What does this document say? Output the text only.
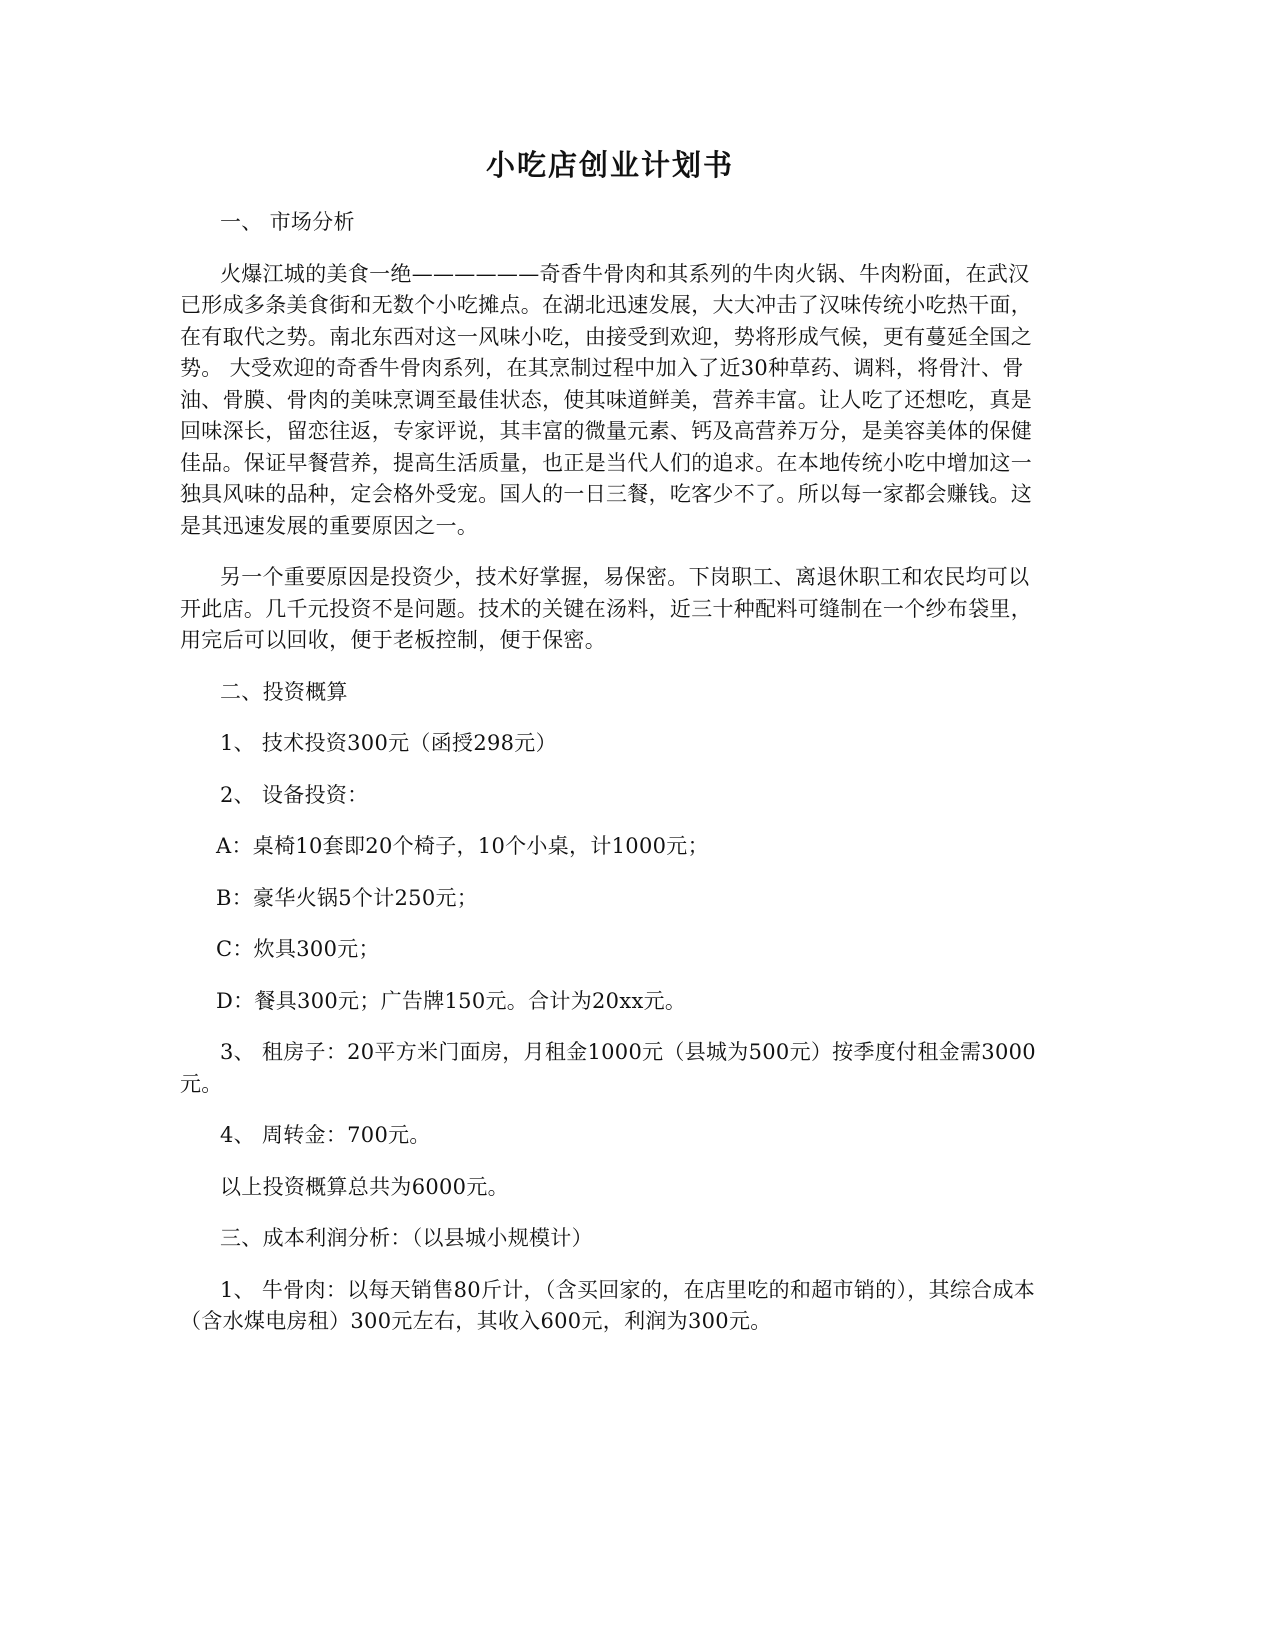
小吃店创业计划书

一、 市场分析

火爆江城的美食一绝——————奇香牛骨肉和其系列的牛肉火锅、牛肉粉面，在武汉已形成多条美食街和无数个小吃摊点。在湖北迅速发展，大大冲击了汉味传统小吃热干面，在有取代之势。南北东西对这一风味小吃，由接受到欢迎，势将形成气候，更有蔓延全国之势。 大受欢迎的奇香牛骨肉系列，在其烹制过程中加入了近30种草药、调料，将骨汁、骨油、骨膜、骨肉的美味烹调至最佳状态，使其味道鲜美，营养丰富。让人吃了还想吃，真是回味深长，留恋往返，专家评说，其丰富的微量元素、钙及高营养万分，是美容美体的保健佳品。保证早餐营养，提高生活质量，也正是当代人们的追求。在本地传统小吃中增加这一独具风味的品种，定会格外受宠。国人的一日三餐，吃客少不了。所以每一家都会赚钱。这是其迅速发展的重要原因之一。

另一个重要原因是投资少，技术好掌握，易保密。下岗职工、离退休职工和农民均可以开此店。几千元投资不是问题。技术的关键在汤料，近三十种配料可缝制在一个纱布袋里，用完后可以回收，便于老板控制，便于保密。

二、投资概算

1、 技术投资300元（函授298元）

2、 设备投资：

A：桌椅10套即20个椅子，10个小桌，计1000元；

B：豪华火锅5个计250元；

C：炊具300元；

D：餐具300元；广告牌150元。合计为20xx元。

3、 租房子：20平方米门面房，月租金1000元（县城为500元）按季度付租金需3000元。

4、 周转金：700元。

以上投资概算总共为6000元。

三、成本利润分析：（以县城小规模计）

1、 牛骨肉：以每天销售80斤计，（含买回家的，在店里吃的和超市销的），其综合成本（含水煤电房租）300元左右，其收入600元，利润为300元。
